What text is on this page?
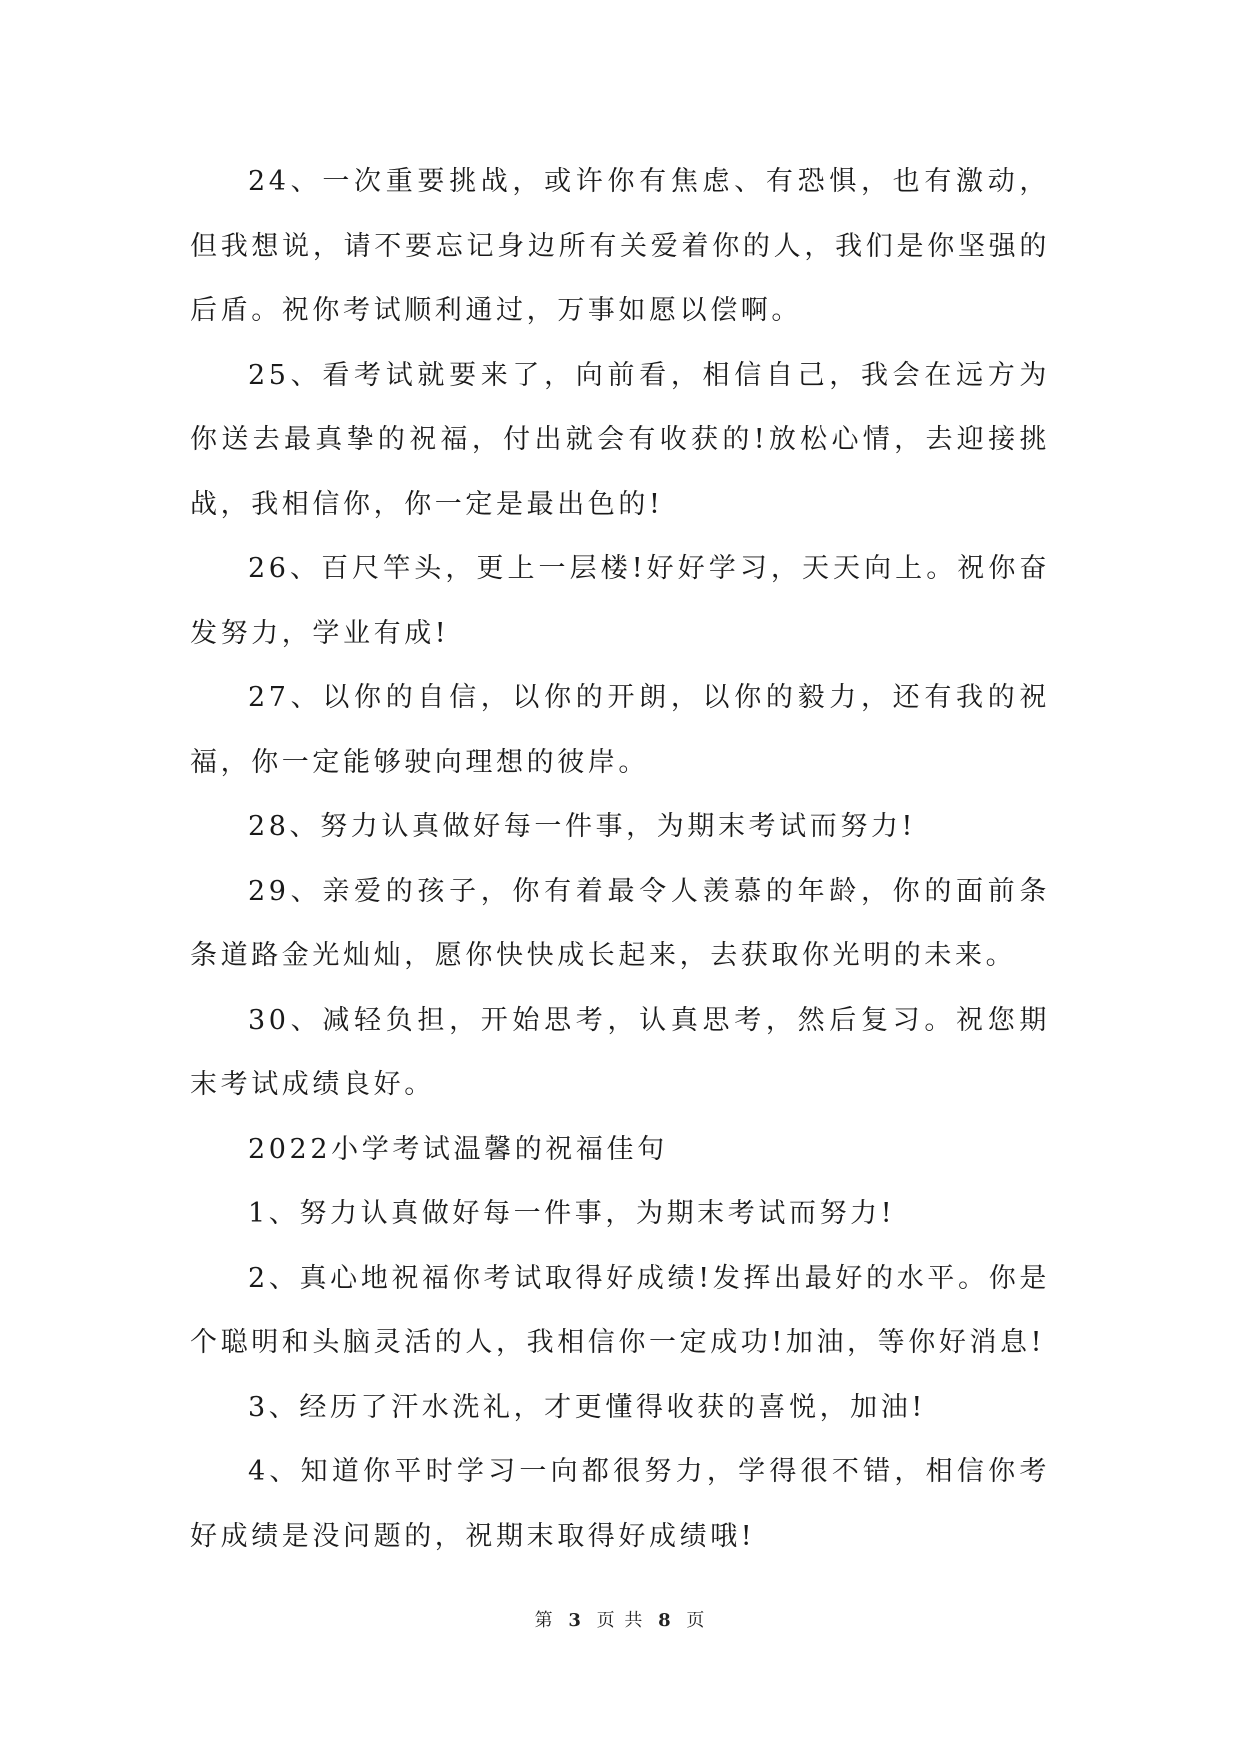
24、一次重要挑战，或许你有焦虑、有恐惧，也有激动，但我想说，请不要忘记身边所有关爱着你的人，我们是你坚强的后盾。祝你考试顺利通过，万事如愿以偿啊。

25、看考试就要来了，向前看，相信自己，我会在远方为你送去最真挚的祝福，付出就会有收获的!放松心情，去迎接挑战，我相信你，你一定是最出色的!

26、百尺竿头，更上一层楼!好好学习，天天向上。祝你奋发努力，学业有成!

27、以你的自信，以你的开朗，以你的毅力，还有我的祝福，你一定能够驶向理想的彼岸。

28、努力认真做好每一件事，为期末考试而努力!

29、亲爱的孩子，你有着最令人羡慕的年龄，你的面前条条道路金光灿灿，愿你快快成长起来，去获取你光明的未来。

30、减轻负担，开始思考，认真思考，然后复习。祝您期末考试成绩良好。

2022小学考试温馨的祝福佳句

1、努力认真做好每一件事，为期末考试而努力!

2、真心地祝福你考试取得好成绩!发挥出最好的水平。你是个聪明和头脑灵活的人，我相信你一定成功!加油，等你好消息!

3、经历了汗水洗礼，才更懂得收获的喜悦，加油!

4、知道你平时学习一向都很努力，学得很不错，相信你考好成绩是没问题的，祝期末取得好成绩哦!

第 3 页 共 8 页
